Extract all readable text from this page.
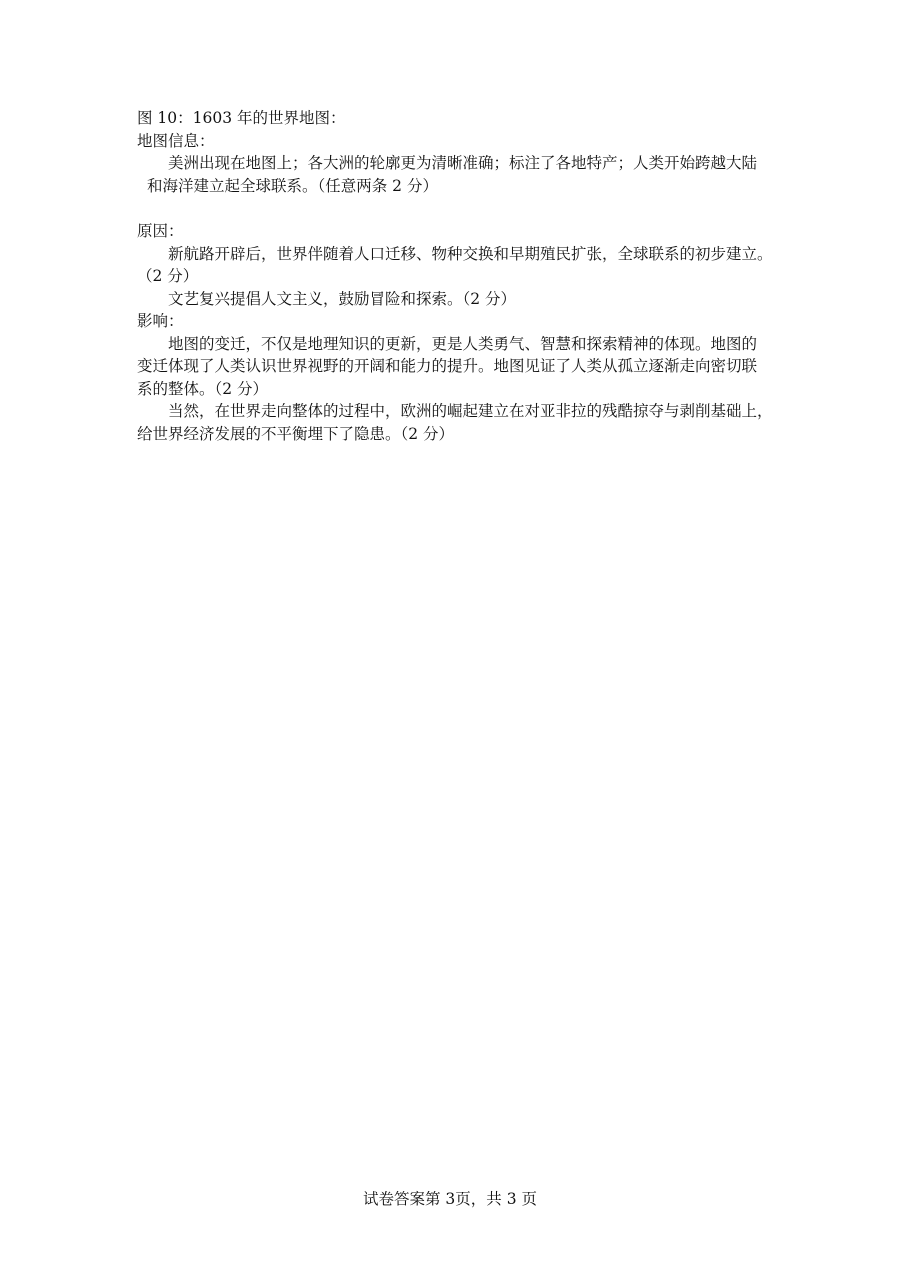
图 10：1603 年的世界地图：
地图信息：
美洲出现在地图上；各大洲的轮廓更为清晰准确；标注了各地特产；人类开始跨越大陆
和海洋建立起全球联系。（任意两条 2 分）
原因：
新航路开辟后，世界伴随着人口迁移、物种交换和早期殖民扩张，全球联系的初步建立。
（2 分）
文艺复兴提倡人文主义，鼓励冒险和探索。（2 分）
影响：
地图的变迁，不仅是地理知识的更新，更是人类勇气、智慧和探索精神的体现。地图的
变迁体现了人类认识世界视野的开阔和能力的提升。地图见证了人类从孤立逐渐走向密切联
系的整体。（2 分）
当然，在世界走向整体的过程中，欧洲的崛起建立在对亚非拉的残酷掠夺与剥削基础上，
给世界经济发展的不平衡埋下了隐患。（2 分）
试卷答案第 3页，共 3 页
